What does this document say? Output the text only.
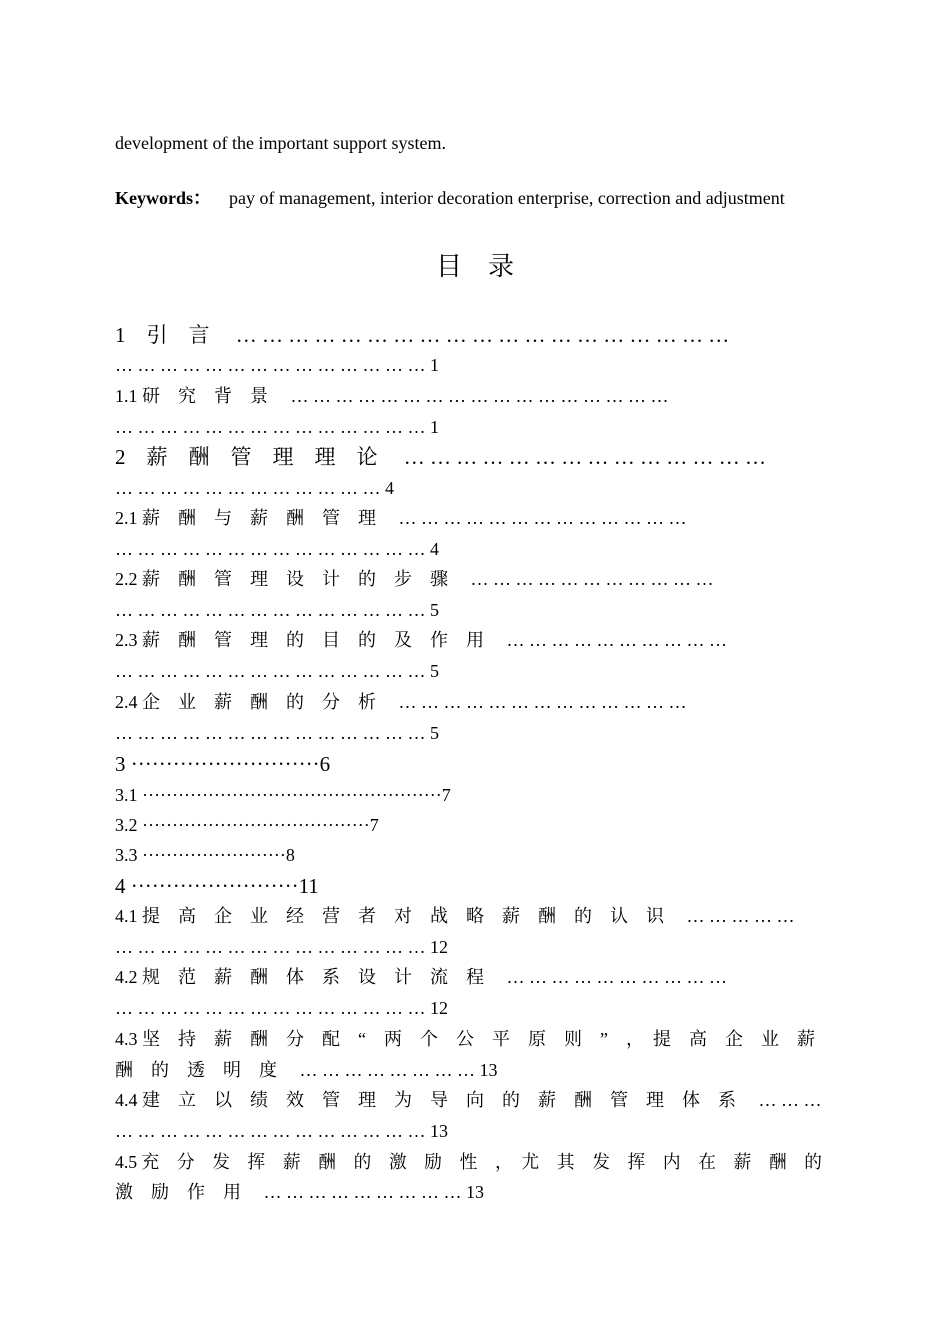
development of the important support system.
Keywords： pay of management, interior decoration enterprise, correction and adjustment
目　录
1　引　言　 … … … … … … … … … … … … … … … … … … …
… … … … … … … … … … … … … … 1
1.1 研　究　背　景　 … … … … … … … … … … … … … … … … …
… … … … … … … … … … … … … … 1
2　薪　酬　管　理　理　论　 … … … … … … … … … … … … … …
… … … … … … … … … … … … 4
2.1 薪　酬　与　薪　酬　管　理　 … … … … … … … … … … … … …
… … … … … … … … … … … … … … 4
2.2 薪　酬　管　理　设　计　的　步　骤　 … … … … … … … … … … …
… … … … … … … … … … … … … … 5
2.3 薪　酬　管　理　的　目　的　及　作　用　 … … … … … … … … … …
… … … … … … … … … … … … … … 5
2.4 企　业　薪　酬　的　分　析　 … … … … … … … … … … … … …
… … … … … … … … … … … … … … 5
3 ···························6
3.1 ··················································7
3.2 ······································7
3.3 ························8
4 ························11
4.1 提　高　企　业　经　营　者　对　战　略　薪　酬　的　认　识　 … … … … …
… … … … … … … … … … … … … … 12
4.2 规　范　薪　酬　体　系　设　计　流　程　 … … … … … … … … … …
… … … … … … … … … … … … … … 12
4.3 坚　持　薪　酬　分　配　“　两　个　公　平　原　则　”　，　提　高　企　业　薪
酬　的　透　明　度　 … … … … … … … … 13
4.4 建　立　以　绩　效　管　理　为　导　向　的　薪　酬　管　理　体　系　 … … …
… … … … … … … … … … … … … … 13
4.5 充　分　发　挥　薪　酬　的　激　励　性　，　尤　其　发　挥　内　在　薪　酬　的
激　励　作　用　 … … … … … … … … … 13
